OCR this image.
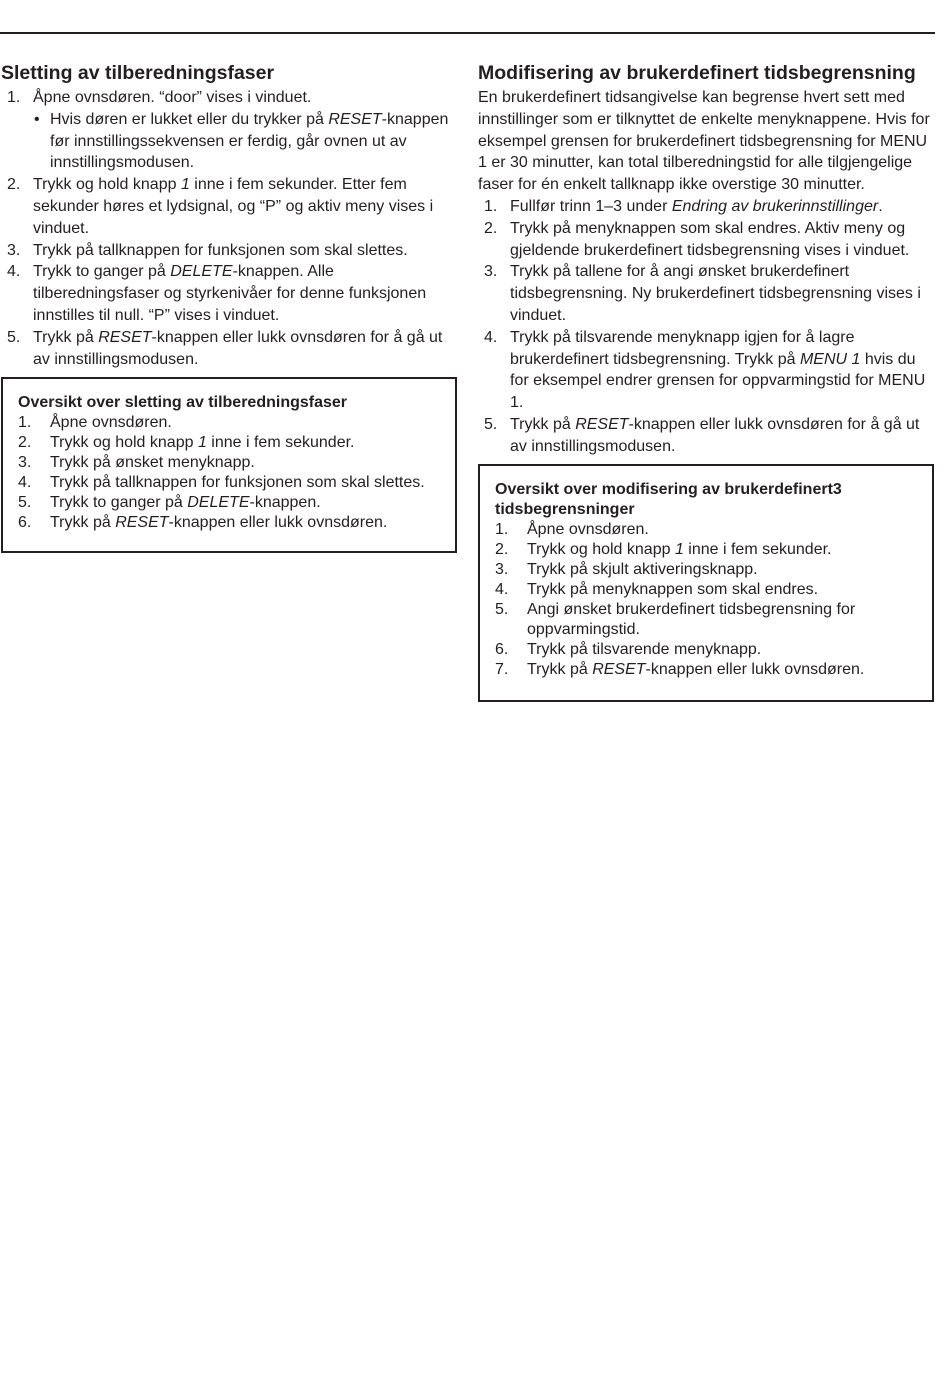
Sletting av tilberedningsfaser
1. Åpne ovnsdøren. “door” vises i vinduet.
• Hvis døren er lukket eller du trykker på RESET-knappen før innstillingssekvensen er ferdig, går ovnen ut av innstillingsmodusen.
2. Trykk og hold knapp 1 inne i fem sekunder. Etter fem sekunder høres et lydsignal, og “P” og aktiv meny vises i vinduet.
3. Trykk på tallknappen for funksjonen som skal slettes.
4. Trykk to ganger på DELETE-knappen. Alle tilberedningsfaser og styrkenivåer for denne funksjonen innstilles til null. “P” vises i vinduet.
5. Trykk på RESET-knappen eller lukk ovnsdøren for å gå ut av innstillingsmodusen.

Oversikt over sletting av tilberedningsfaser

1. Åpne ovnsdøren.
2. Trykk og hold knapp 1 inne i fem sekunder.
3. Trykk på ønsket menyknapp.
4. Trykk på tallknappen for funksjonen som skal slettes.
5. Trykk to ganger på DELETE-knappen.
6. Trykk på RESET-knappen eller lukk ovnsdøren.
Modifisering av brukerdefinert tidsbegrensning

En brukerdefinert tidsangivelse kan begrense hvert sett med innstillinger som er tilknyttet de enkelte menyknappene. Hvis for eksempel grensen for brukerdefinert tidsbegrensning for MENU 1 er 30 minutter, kan total tilberedningstid for alle tilgjengelige faser for én enkelt tallknapp ikke overstige 30 minutter.

1. Fullfør trinn 1–3 under Endring av brukerinnstillinger.
2. Trykk på menyknappen som skal endres. Aktiv meny og gjeldende brukerdefinert tidsbegrensning vises i vinduet.
3. Trykk på tallene for å angi ønsket brukerdefinert tidsbegrensning. Ny brukerdefinert tidsbegrensning vises i vinduet.
4. Trykk på tilsvarende menyknapp igjen for å lagre brukerdefinert tidsbegrensning. Trykk på MENU 1 hvis du for eksempel endrer grensen for oppvarmingstid for MENU 1.
5. Trykk på RESET-knappen eller lukk ovnsdøren for å gå ut av innstillingsmodusen.

Oversikt over modifisering av brukerdefinert3 tidsbegrensninger

1. Åpne ovnsdøren.
2. Trykk og hold knapp 1 inne i fem sekunder.
3. Trykk på skjult aktiveringsknapp.
4. Trykk på menyknappen som skal endres.
5. Angi ønsket brukerdefinert tidsbegrensning for oppvarmingstid.
6. Trykk på tilsvarende menyknapp.
7. Trykk på RESET-knappen eller lukk ovnsdøren.
